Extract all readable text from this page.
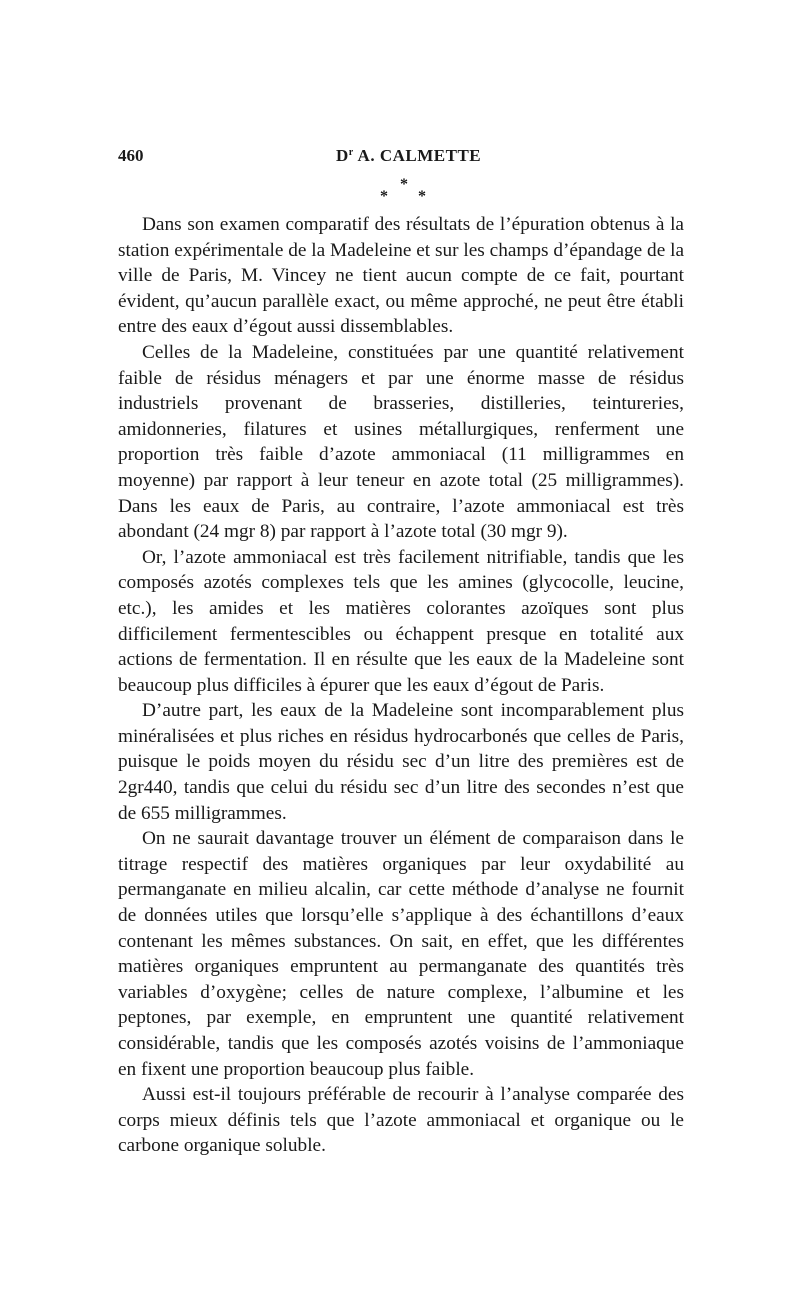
460	$D^r$ A. CALMETTE
*
* *

Dans son examen comparatif des résultats de l’épuration obtenus à la station expérimentale de la Madeleine et sur les champs d’épandage de la ville de Paris, M. Vincey ne tient aucun compte de ce fait, pourtant évident, qu’aucun parallèle exact, ou même approché, ne peut être établi entre des eaux d’égout aussi dissemblables.

Celles de la Madeleine, constituées par une quantité relativement faible de résidus ménagers et par une énorme masse de résidus industriels provenant de brasseries, distilleries, teintureries, amidonneries, filatures et usines métallurgiques, renferment une proportion très faible d’azote ammoniacal (11 milligrammes en moyenne) par rapport à leur teneur en azote total (25 milligrammes). Dans les eaux de Paris, au contraire, l’azote ammoniacal est très abondant (24 mgr 8) par rapport à l’azote total (30 mgr 9).

Or, l’azote ammoniacal est très facilement nitrifiable, tandis que les composés azotés complexes tels que les amines (glycocolle, leucine, etc.), les amides et les matières colorantes azoïques sont plus difficilement fermentescibles ou échappent presque en totalité aux actions de fermentation. Il en résulte que les eaux de la Madeleine sont beaucoup plus difficiles à épurer que les eaux d’égout de Paris.

D’autre part, les eaux de la Madeleine sont incomparablement plus minéralisées et plus riches en résidus hydrocarbonés que celles de Paris, puisque le poids moyen du résidu sec d’un litre des premières est de 2gr440, tandis que celui du résidu sec d’un litre des secondes n’est que de 655 milligrammes.

On ne saurait davantage trouver un élément de comparaison dans le titrage respectif des matières organiques par leur oxydabilité au permanganate en milieu alcalin, car cette méthode d’analyse ne fournit de données utiles que lorsqu’elle s’applique à des échantillons d’eaux contenant les mêmes substances. On sait, en effet, que les différentes matières organiques empruntent au permanganate des quantités très variables d’oxygène; celles de nature complexe, l’albumine et les peptones, par exemple, en empruntent une quantité relativement considérable, tandis que les composés azotés voisins de l’ammoniaque en fixent une proportion beaucoup plus faible.

Aussi est-il toujours préférable de recourir à l’analyse comparée des corps mieux définis tels que l’azote ammoniacal et organique ou le carbone organique soluble.
